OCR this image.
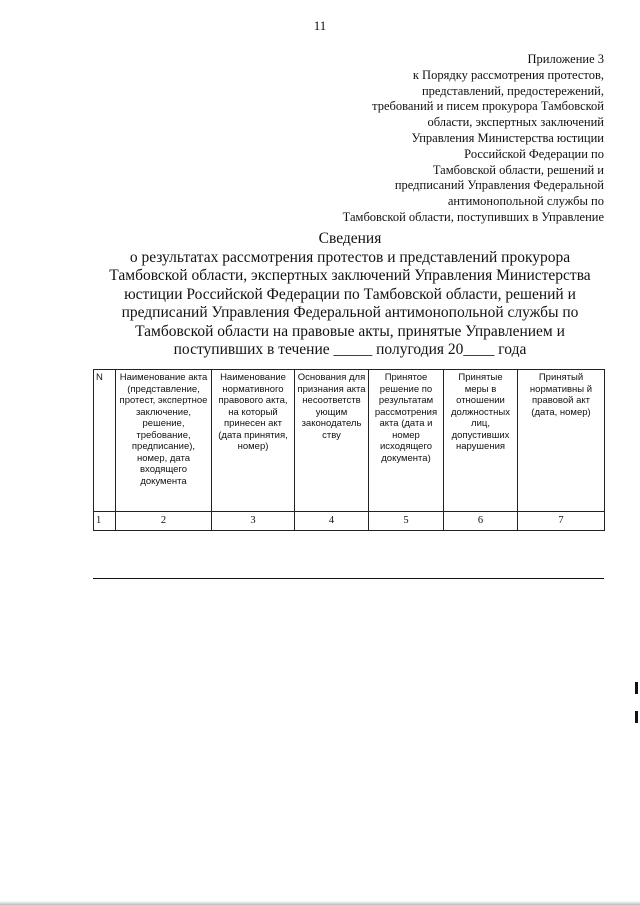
11
Приложение 3
к Порядку рассмотрения протестов,
представлений, предостережений,
требований и писем прокурора Тамбовской
области, экспертных заключений
Управления Министерства юстиции
Российской Федерации по
Тамбовской области, решений и
предписаний Управления Федеральной
антимонопольной службы по
Тамбовской области, поступивших в Управление
Сведения
о результатах рассмотрения протестов и представлений прокурора
Тамбовской области, экспертных заключений Управления Министерства
юстиции Российской Федерации по Тамбовской области, решений и
предписаний Управления Федеральной антимонопольной службы по
Тамбовской области на правовые акты, принятые Управлением и
поступивших в течение _____ полугодия 20____ года
N	Наименование акта (представление, протест, экспертное заключение, решение, требование, предписание), номер, дата входящего документа	Наименование нормативного правового акта, на который принесен акт (дата принятия, номер)	Основания для признания акта несоответств ующим законодатель ству	Принятое решение по результатам рассмотрения акта (дата и номер исходящего документа)	Принятые меры в отношении должностных лиц, допустивших нарушения	Принятый нормативны й правовой акт (дата, номер)
1	2	3	4	5	6	7
